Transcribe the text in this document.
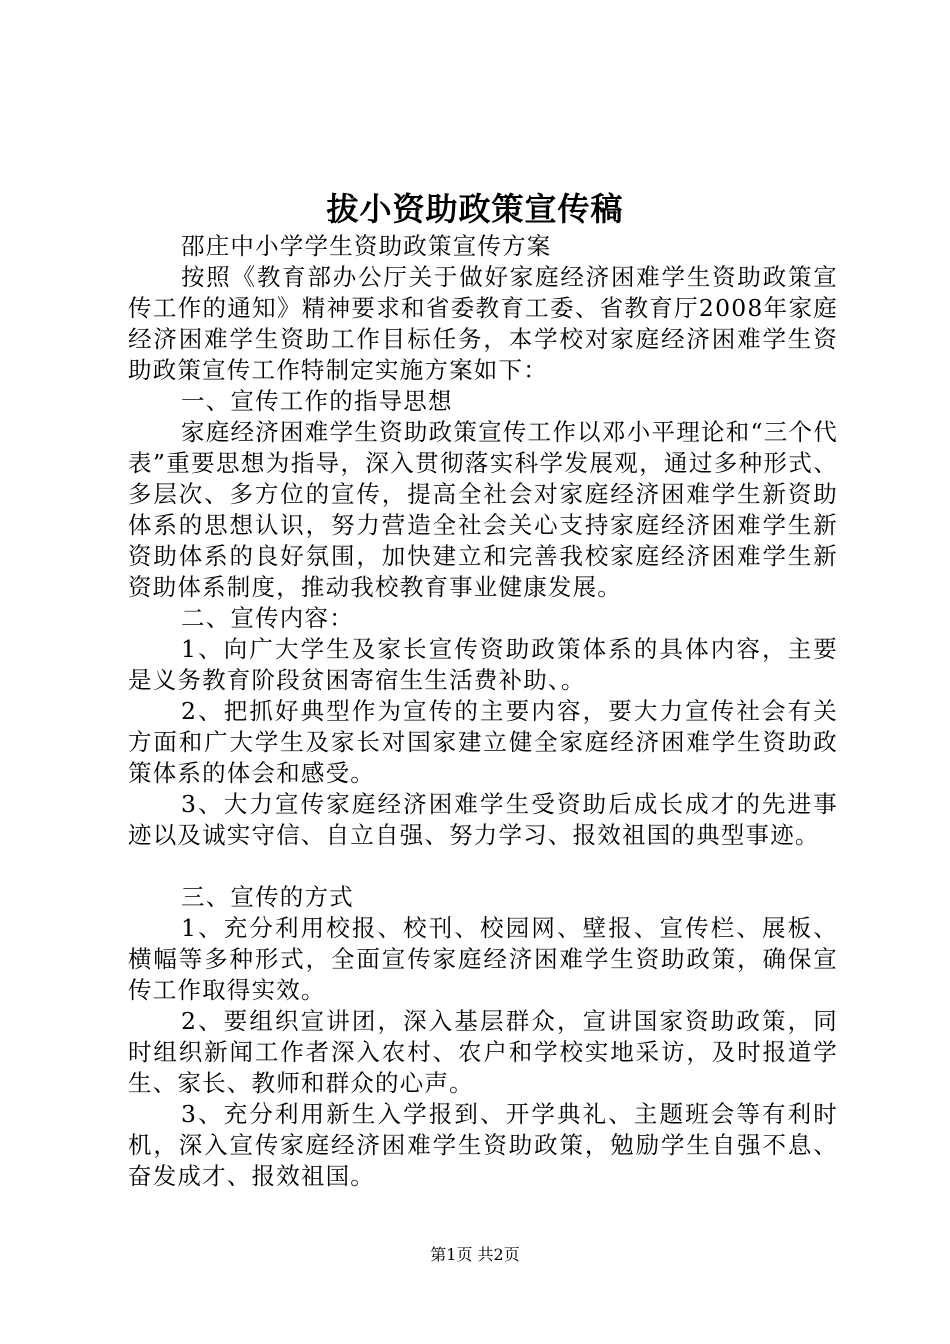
拔小资助政策宣传稿

邵庄中小学学生资助政策宣传方案

按照《教育部办公厅关于做好家庭经济困难学生资助政策宣传工作的通知》精神要求和省委教育工委、省教育厅2008年家庭经济困难学生资助工作目标任务，本学校对家庭经济困难学生资助政策宣传工作特制定实施方案如下：

一、宣传工作的指导思想

家庭经济困难学生资助政策宣传工作以邓小平理论和“三个代表”重要思想为指导，深入贯彻落实科学发展观，通过多种形式、多层次、多方位的宣传，提高全社会对家庭经济困难学生新资助体系的思想认识，努力营造全社会关心支持家庭经济困难学生新资助体系的良好氛围，加快建立和完善我校家庭经济困难学生新资助体系制度，推动我校教育事业健康发展。

二、宣传内容：

1、向广大学生及家长宣传资助政策体系的具体内容，主要是义务教育阶段贫困寄宿生生活费补助、。

2、把抓好典型作为宣传的主要内容，要大力宣传社会有关方面和广大学生及家长对国家建立健全家庭经济困难学生资助政策体系的体会和感受。

3、大力宣传家庭经济困难学生受资助后成长成才的先进事迹以及诚实守信、自立自强、努力学习、报效祖国的典型事迹。

三、宣传的方式

1、充分利用校报、校刊、校园网、壁报、宣传栏、展板、横幅等多种形式，全面宣传家庭经济困难学生资助政策，确保宣传工作取得实效。

2、要组织宣讲团，深入基层群众，宣讲国家资助政策，同时组织新闻工作者深入农村、农户和学校实地采访，及时报道学生、家长、教师和群众的心声。

3、充分利用新生入学报到、开学典礼、主题班会等有利时机，深入宣传家庭经济困难学生资助政策，勉励学生自强不息、奋发成才、报效祖国。

第1页 共2页
